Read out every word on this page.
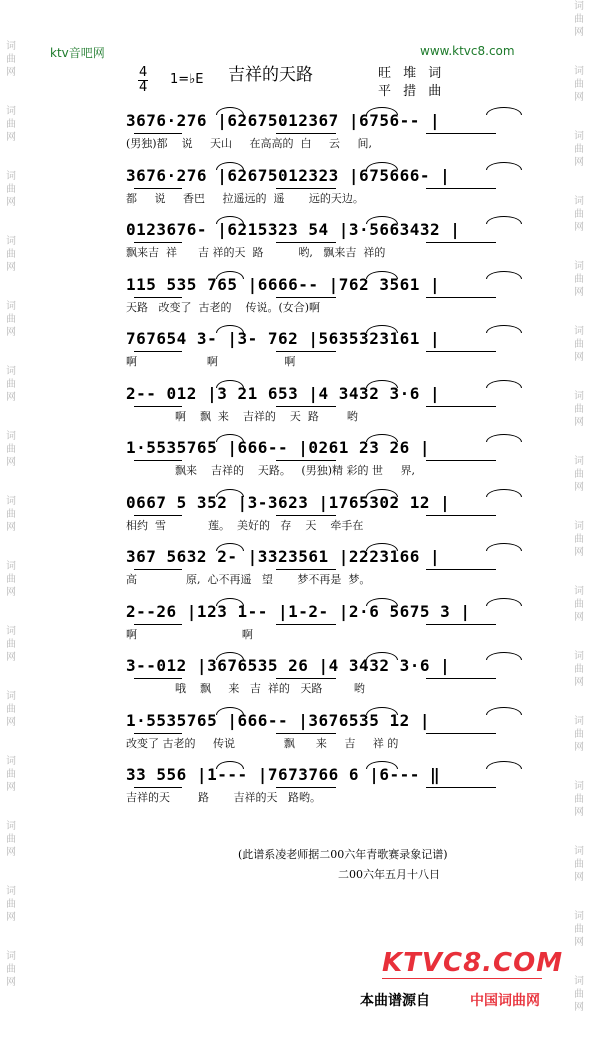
词
曲
网
词
曲
网
词
曲
网
词
曲
网
词
曲
网
词
曲
网
词
曲
网
词
曲
网
词
曲
网
词
曲
网
词
曲
网
词
曲
网
词
曲
网
词
曲
网
词
曲
网
词
曲
网
词
曲
网
词
曲
网
词
曲
网
词
曲
网
词
曲
网
词
曲
网
词
曲
网
词
曲
网
词
曲
网
词
曲
网
词
曲
网
词
曲
网
词
曲
网
词
曲
网
词
曲
网
ktv音吧网	www.ktvc8.com
4
4
1=♭E 吉祥的天路	旺 堆 词
平 措 曲
3676·276 |62675012367 |6756-- |
(男独)都    说     天山     在高高的  白     云     间,
3676·276 |62675012323 |675666- |
都     说     香巴     拉遥远的  遥       远的天边。
0123676- |6215323 54 |3·5663432 |
飘来吉  祥      吉 祥的天  路          哟,   飘来吉  祥的
115 535 765 |6666-- |762 3561 |
天路   改变了  古老的    传说。(女合)啊
767654 3- |3- 762 |5635323161 |
啊                    啊                   啊
2-- 012 |3 21 653 |4 3432 3·6 |
啊    飘  来    吉祥的    天  路        哟
1·5535765 |666-- |0261 23 26 |
飘来    吉祥的    天路。   (男独)精 彩的 世     界,
0667 5 352 |3-3623 |1765302 12 |
相约  雪            莲。  美好的   存    天    牵手在
367 5632 2- |3323561 |2223166 |
高              原,  心不再遥   望       梦不再是  梦。
2--26 |123 1-- |1-2- |2·6 5675 3 |
啊                              啊
3--012 |3676535 26 |4 3432 3·6 |
哦    飘     来   吉  祥的   天路         哟
1·5535765 |666-- |3676535 12 |
改变了 古老的     传说              飘      来     吉     祥 的
33 556 |1--- |7673766 6 |6--- ‖
吉祥的天        路       吉祥的天   路哟。
(此谱系凌老师据二00六年青歌赛录象记谱)
二00六年五月十八日
KTVC8.COM
本曲谱源自	中国词曲网
